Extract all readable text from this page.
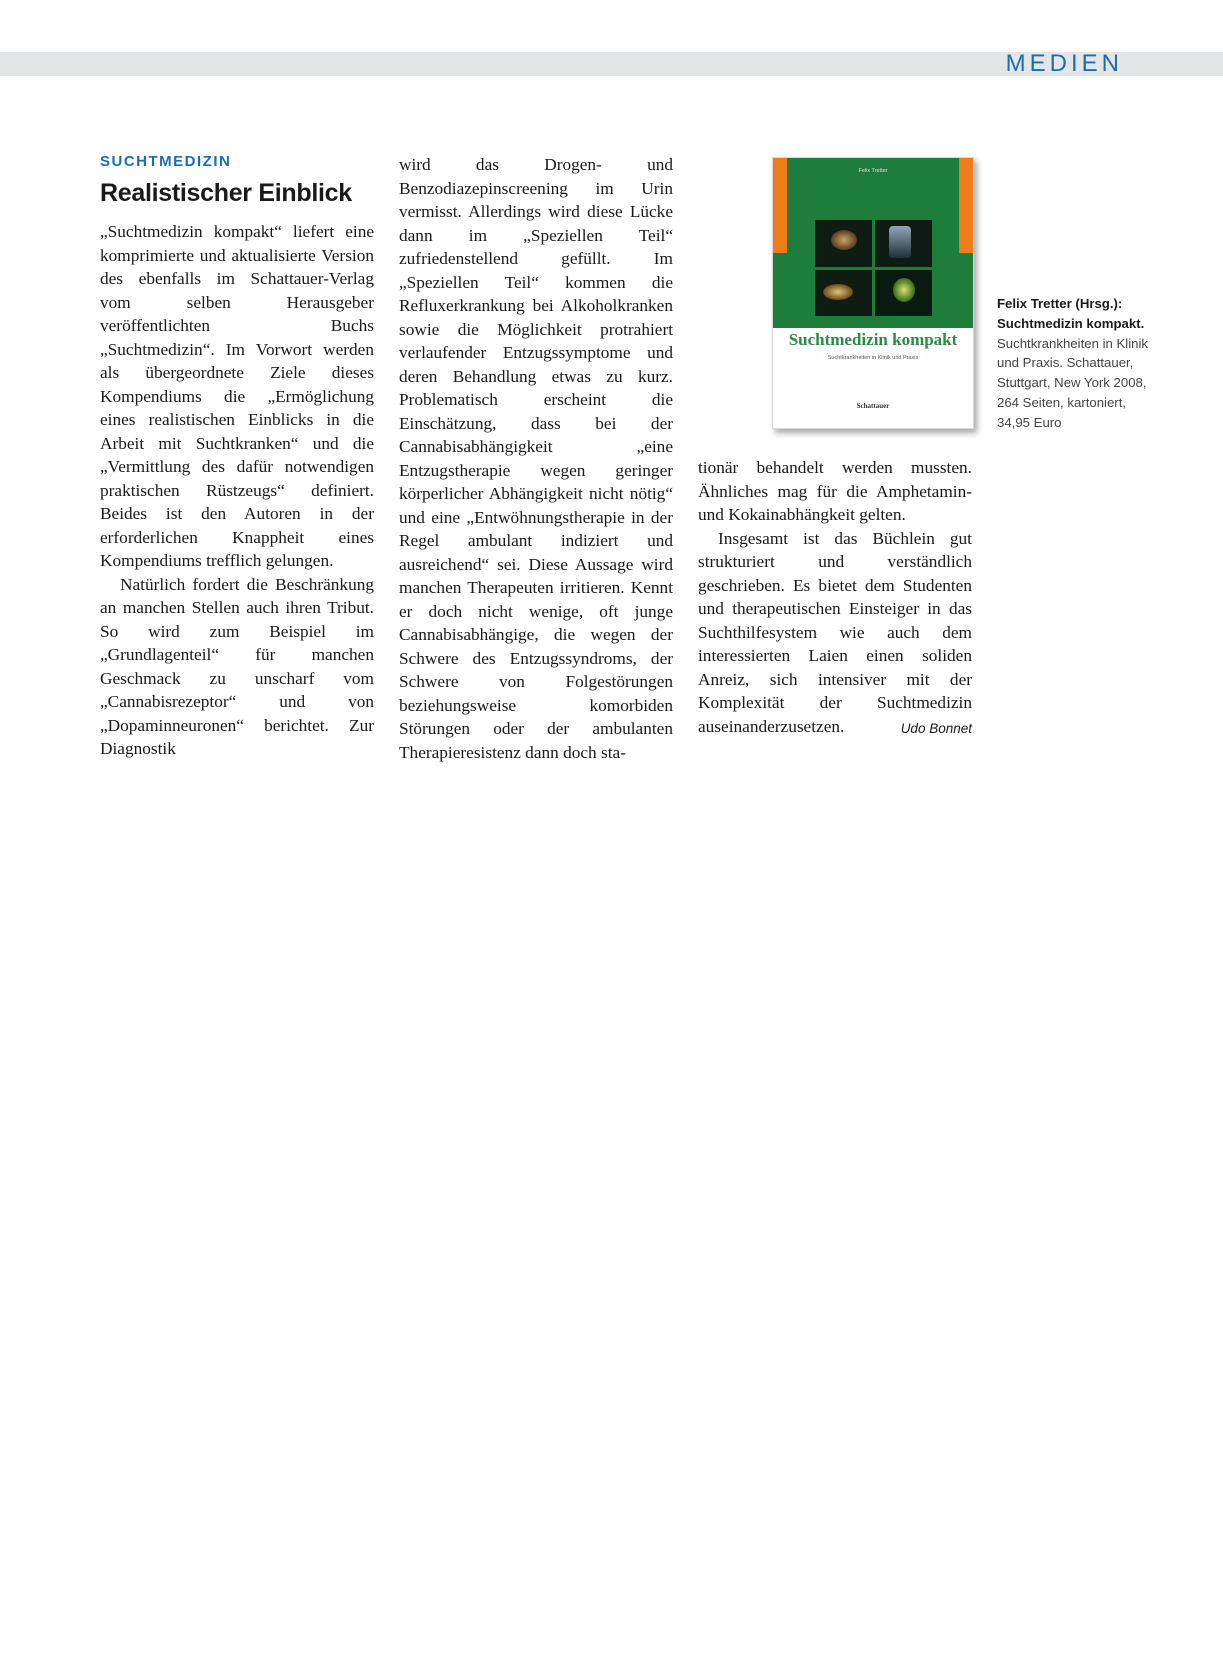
MEDIEN
SUCHTMEDIZIN
Realistischer Einblick

„Suchtmedizin kompakt“ liefert eine komprimierte und aktualisierte Version des ebenfalls im Schattauer-Verlag vom selben Herausgeber veröffentlichten Buchs „Suchtmedizin“. Im Vorwort werden als übergeordnete Ziele dieses Kompendiums die „Ermöglichung eines realistischen Einblicks in die Arbeit mit Suchtkranken“ und die „Vermittlung des dafür notwendigen praktischen Rüstzeugs“ definiert. Beides ist den Autoren in der erforderlichen Knappheit eines Kompendiums trefflich gelungen.

Natürlich fordert die Beschränkung an manchen Stellen auch ihren Tribut. So wird zum Beispiel im „Grundlagenteil“ für manchen Geschmack zu unscharf vom „Cannabisrezeptor“ und von „Dopaminneuronen“ berichtet. Zur Diagnostik

wird das Drogen- und Benzodiazepinscreening im Urin vermisst. Allerdings wird diese Lücke dann im „Speziellen Teil“ zufriedenstellend gefüllt. Im „Speziellen Teil“ kommen die Refluxerkrankung bei Alkoholkranken sowie die Möglichkeit protrahiert verlaufender Entzugssymptome und deren Behandlung etwas zu kurz. Problematisch erscheint die Einschätzung, dass bei der Cannabisabhängigkeit „eine Entzugstherapie wegen geringer körperlicher Abhängigkeit nicht nötig“ und eine „Entwöhnungstherapie in der Regel ambulant indiziert und ausreichend“ sei. Diese Aussage wird manchen Therapeuten irritieren. Kennt er doch nicht wenige, oft junge Cannabisabhängige, die wegen der Schwere des Entzugssyndroms, der Schwere von Folgestörungen beziehungsweise komorbiden Störungen oder der ambulanten Therapieresistenz dann doch sta-

Felix Tretter
Suchtmedizin kompakt
Suchtkrankheiten in Klinik und Praxis
Schattauer
Felix Tretter (Hrsg.):
Suchtmedizin kompakt.
Suchtkrankheiten in Klinik und Praxis. Schattauer, Stuttgart, New York 2008, 264 Seiten, kartoniert, 34,95 Euro

tionär behandelt werden mussten. Ähnliches mag für die Amphetamin- und Kokainabhängkeit gelten.

Insgesamt ist das Büchlein gut strukturiert und verständlich geschrieben. Es bietet dem Studenten und therapeutischen Einsteiger in das Suchthilfesystem wie auch dem interessierten Laien einen soliden Anreiz, sich intensiver mit der Komplexität der Suchtmedizin auseinanderzusetzen.	Udo Bonnet
